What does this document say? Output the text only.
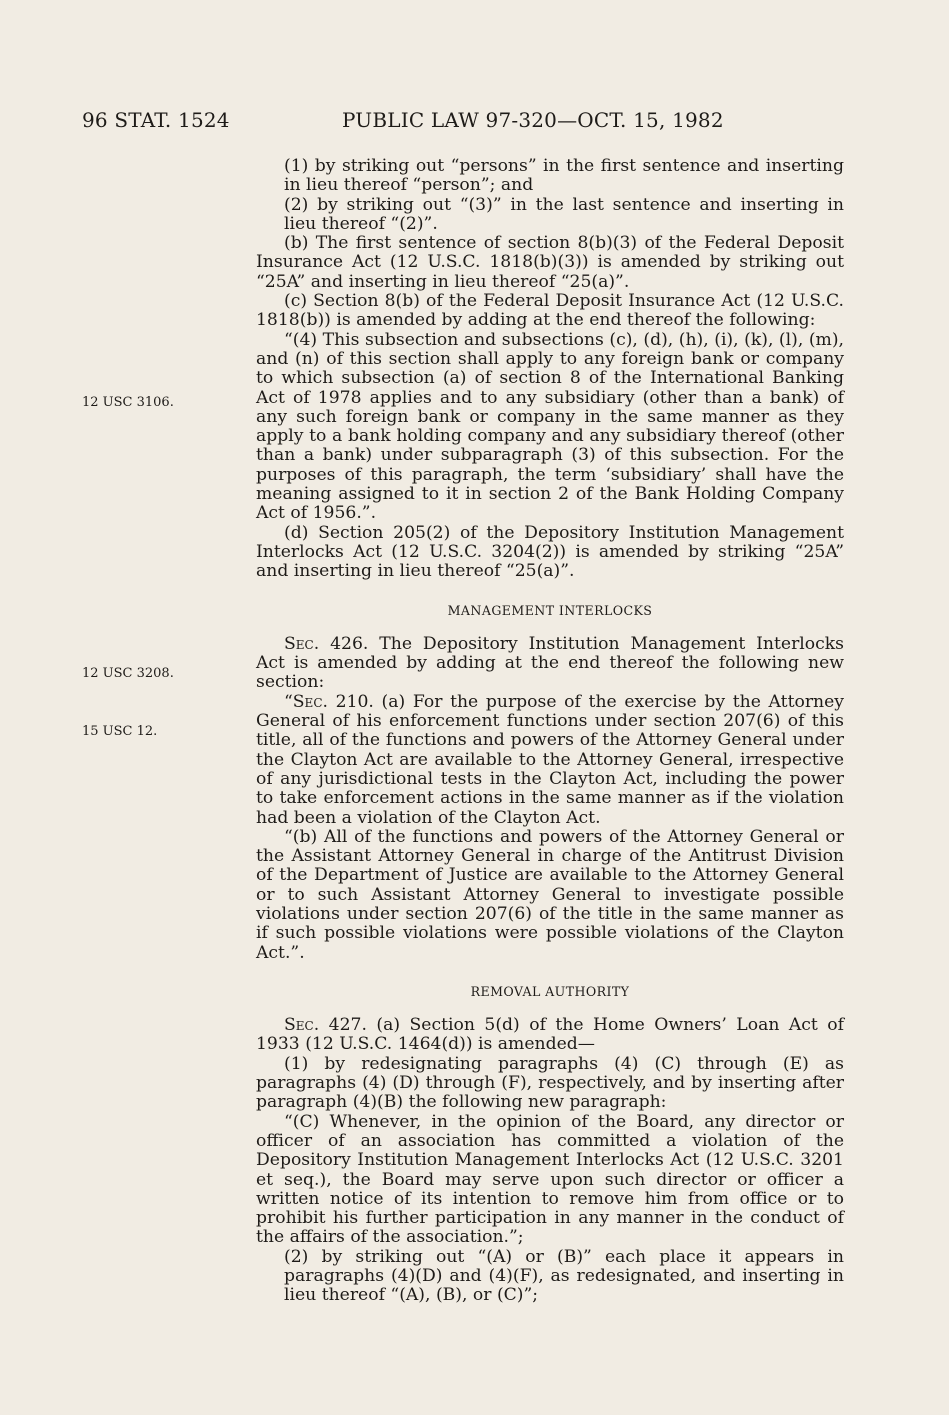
96 STAT. 1524	PUBLIC LAW 97-320—OCT. 15, 1982
12 USC 3106.
12 USC 3208.
15 USC 12.

(1) by striking out “persons” in the first sentence and inserting in lieu thereof “person”; and

(2) by striking out “(3)” in the last sentence and inserting in lieu thereof “(2)”.

(b) The first sentence of section 8(b)(3) of the Federal Deposit Insurance Act (12 U.S.C. 1818(b)(3)) is amended by striking out “25A” and inserting in lieu thereof “25(a)”.

(c) Section 8(b) of the Federal Deposit Insurance Act (12 U.S.C. 1818(b)) is amended by adding at the end thereof the following:

“(4) This subsection and subsections (c), (d), (h), (i), (k), (l), (m), and (n) of this section shall apply to any foreign bank or company to which subsection (a) of section 8 of the International Banking Act of 1978 applies and to any subsidiary (other than a bank) of any such foreign bank or company in the same manner as they apply to a bank holding company and any subsidiary thereof (other than a bank) under subparagraph (3) of this subsection. For the purposes of this paragraph, the term ‘subsidiary’ shall have the meaning assigned to it in section 2 of the Bank Holding Company Act of 1956.”.

(d) Section 205(2) of the Depository Institution Management Interlocks Act (12 U.S.C. 3204(2)) is amended by striking “25A” and inserting in lieu thereof “25(a)”.

MANAGEMENT INTERLOCKS

Sec. 426. The Depository Institution Management Interlocks Act is amended by adding at the end thereof the following new section:

“Sec. 210. (a) For the purpose of the exercise by the Attorney General of his enforcement functions under section 207(6) of this title, all of the functions and powers of the Attorney General under the Clayton Act are available to the Attorney General, irrespective of any jurisdictional tests in the Clayton Act, including the power to take enforcement actions in the same manner as if the violation had been a violation of the Clayton Act.

“(b) All of the functions and powers of the Attorney General or the Assistant Attorney General in charge of the Antitrust Division of the Department of Justice are available to the Attorney General or to such Assistant Attorney General to investigate possible violations under section 207(6) of the title in the same manner as if such possible violations were possible violations of the Clayton Act.”.

REMOVAL AUTHORITY

Sec. 427. (a) Section 5(d) of the Home Owners’ Loan Act of 1933 (12 U.S.C. 1464(d)) is amended—

(1) by redesignating paragraphs (4) (C) through (E) as paragraphs (4) (D) through (F), respectively, and by inserting after paragraph (4)(B) the following new paragraph:

“(C) Whenever, in the opinion of the Board, any director or officer of an association has committed a violation of the Depository Institution Management Interlocks Act (12 U.S.C. 3201 et seq.), the Board may serve upon such director or officer a written notice of its intention to remove him from office or to prohibit his further participation in any manner in the conduct of the affairs of the association.”;

(2) by striking out “(A) or (B)” each place it appears in paragraphs (4)(D) and (4)(F), as redesignated, and inserting in lieu thereof “(A), (B), or (C)”;
